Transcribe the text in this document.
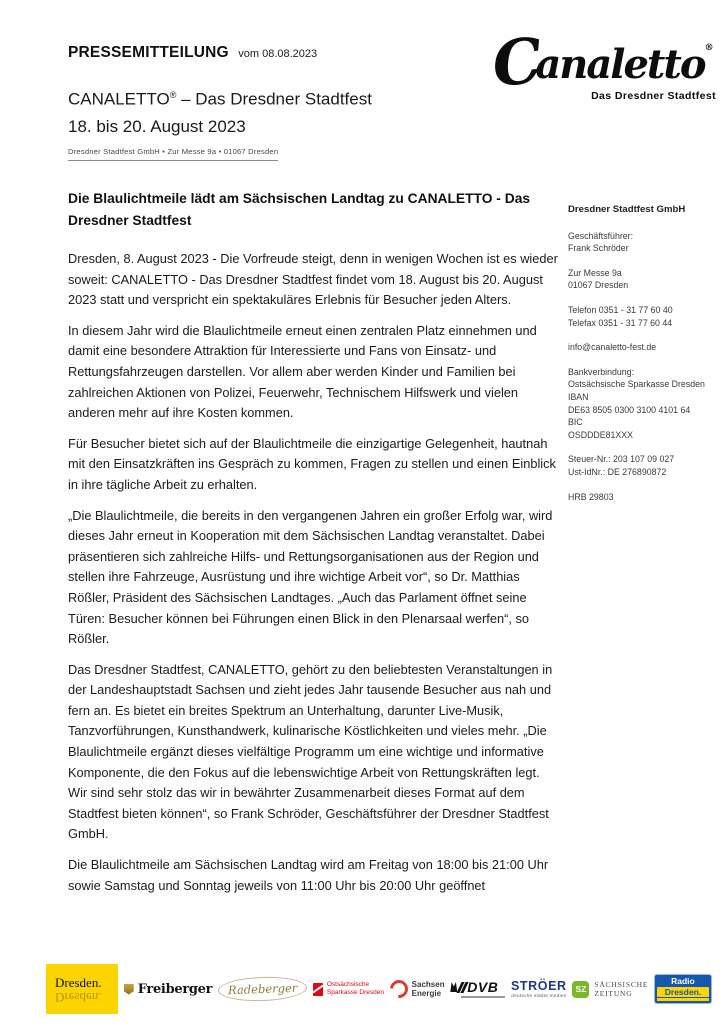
PRESSEMITTEILUNG vom 08.08.2023
CANALETTO® – Das Dresdner Stadtfest
18. bis 20. August 2023
Dresdner Stadtfest GmbH • Zur Messe 9a • 01067 Dresden
Canaletto®
Das Dresdner Stadtfest
Die Blaulichtmeile lädt am Sächsischen Landtag zu CANALETTO - Das Dresdner Stadtfest

Dresden, 8. August 2023 - Die Vorfreude steigt, denn in wenigen Wochen ist es wieder soweit: CANALETTO - Das Dresdner Stadtfest findet vom 18. August bis 20. August 2023 statt und verspricht ein spektakuläres Erlebnis für Besucher jeden Alters.

In diesem Jahr wird die Blaulichtmeile erneut einen zentralen Platz einnehmen und damit eine besondere Attraktion für Interessierte und Fans von Einsatz- und Rettungsfahrzeugen darstellen. Vor allem aber werden Kinder und Familien bei zahlreichen Aktionen von Polizei, Feuerwehr, Technischem Hilfswerk und vielen anderen mehr auf ihre Kosten kommen.

Für Besucher bietet sich auf der Blaulichtmeile die einzigartige Gelegenheit, hautnah mit den Einsatzkräften ins Gespräch zu kommen, Fragen zu stellen und einen Einblick in ihre tägliche Arbeit zu erhalten.

„Die Blaulichtmeile, die bereits in den vergangenen Jahren ein großer Erfolg war, wird dieses Jahr erneut in Kooperation mit dem Sächsischen Landtag veranstaltet. Dabei präsentieren sich zahlreiche Hilfs- und Rettungsorganisationen aus der Region und stellen ihre Fahrzeuge, Ausrüstung und ihre wichtige Arbeit vor“, so Dr. Matthias Rößler, Präsident des Sächsischen Landtages. „Auch das Parlament öffnet seine Türen: Besucher können bei Führungen einen Blick in den Plenarsaal werfen“, so Rößler.

Das Dresdner Stadtfest, CANALETTO, gehört zu den beliebtesten Veranstaltungen in der Landeshauptstadt Sachsen und zieht jedes Jahr tausende Besucher aus nah und fern an. Es bietet ein breites Spektrum an Unterhaltung, darunter Live-Musik, Tanzvorführungen, Kunsthandwerk, kulinarische Köstlichkeiten und vieles mehr. „Die Blaulichtmeile ergänzt dieses vielfältige Programm um eine wichtige und informative Komponente, die den Fokus auf die lebenswichtige Arbeit von Rettungskräften legt. Wir sind sehr stolz das wir in bewährter Zusammenarbeit dieses Format auf dem Stadtfest bieten können“, so Frank Schröder, Geschäftsführer der Dresdner Stadtfest GmbH.

Die Blaulichtmeile am Sächsischen Landtag wird am Freitag von 18:00 bis 21:00 Uhr sowie Samstag und Sonntag jeweils von 11:00 Uhr bis 20:00 Uhr geöffnet

Dresdner Stadtfest GmbH
Geschäftsführer:
Frank Schröder
Zur Messe 9a
01067 Dresden
Telefon 0351 - 31 77 60 40
Telefax 0351 - 31 77 60 44
info@canaletto-fest.de
Bankverbindung:
Ostsächsische Sparkasse Dresden
IBAN
DE63 8505 0300 3100 4101 64
BIC
OSDDDE81XXX
Steuer-Nr.: 203 107 09 027
Ust-IdNr.: DE 276890872
HRB 29803
Dresden.
Dresden.
Freiberger	Radeberger	Ostsächsische
Sparkasse Dresden
Sachsen
Energie DVB STRÖER
deutsche städte medien
SZ	SÄCHSISCHE
ZEITUNG
Radio
Dresden.
